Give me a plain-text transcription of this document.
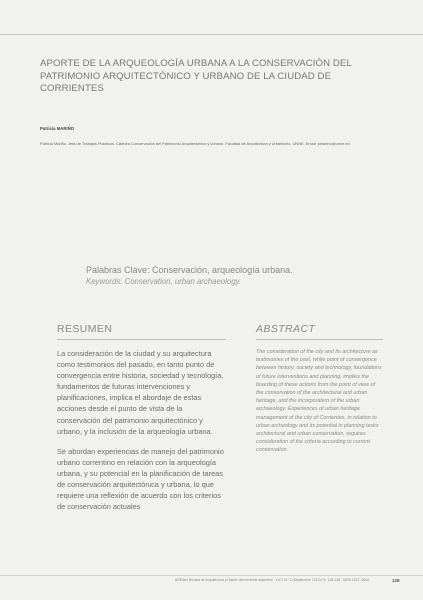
APORTE DE LA ARQUEOLOGÍA URBANA A LA CONSERVACIÓN DEL PATRIMONIO ARQUITECTÓNICO Y URBANO DE LA CIUDAD DE CORRIENTES
Patricia MARIÑO
Patricia Mariño. Jefa de Trabajos Prácticos. Cátedra Conservación del Patrimonio Arquitectónico y Urbano. Facultad de Arquitectura y Urbanismo, UNNE. Email: pmarino@unne.ed
Palabras Clave: Conservación, arqueología urbana.
Keywords: Conservation, urban archaeology.
RESUMEN

La consideración de la ciudad y su arquitectura como testimonios del pasado, en tanto punto de convergencia entre historia, sociedad y tecnología, fundamentos de futuras intervenciones y planificaciones, implica el abordaje de estas acciones desde el punto de vista de la conservación del patrimonio arquitectónico y urbano, y la inclusión de la arqueología urbana.

Se abordan experiencias de manejo del patrimonio urbano correntino en relación con la arqueología urbana, y su potencial en la planificación de tareas de conservación arquitectónica y urbana, lo que requiere una reflexión de acuerdo con los criterios de conservación actuales

ABSTRACT

The consideration of the city and its architecture as testimonies of the past, while point of convergence between history, society and technology, foundations of future interventions and planning, implies the boarding of these actions from the point of view of the conservation of the architectural and urban heritage, and the incorporation of the urban archaeology. Experiences of urban heritage management of the city of Corrientes, in relation to urban archeology and its potential in planning tasks architectural and urban conservation, requires consideration of the criteria according to current conservation.

AREAex Revista de Arquitectura y Diseño del nordeste argentino - Vol 2 N.º 2 (Septiembre 2014) Pp. 128-138 - ISSN 2347- 064X	128
